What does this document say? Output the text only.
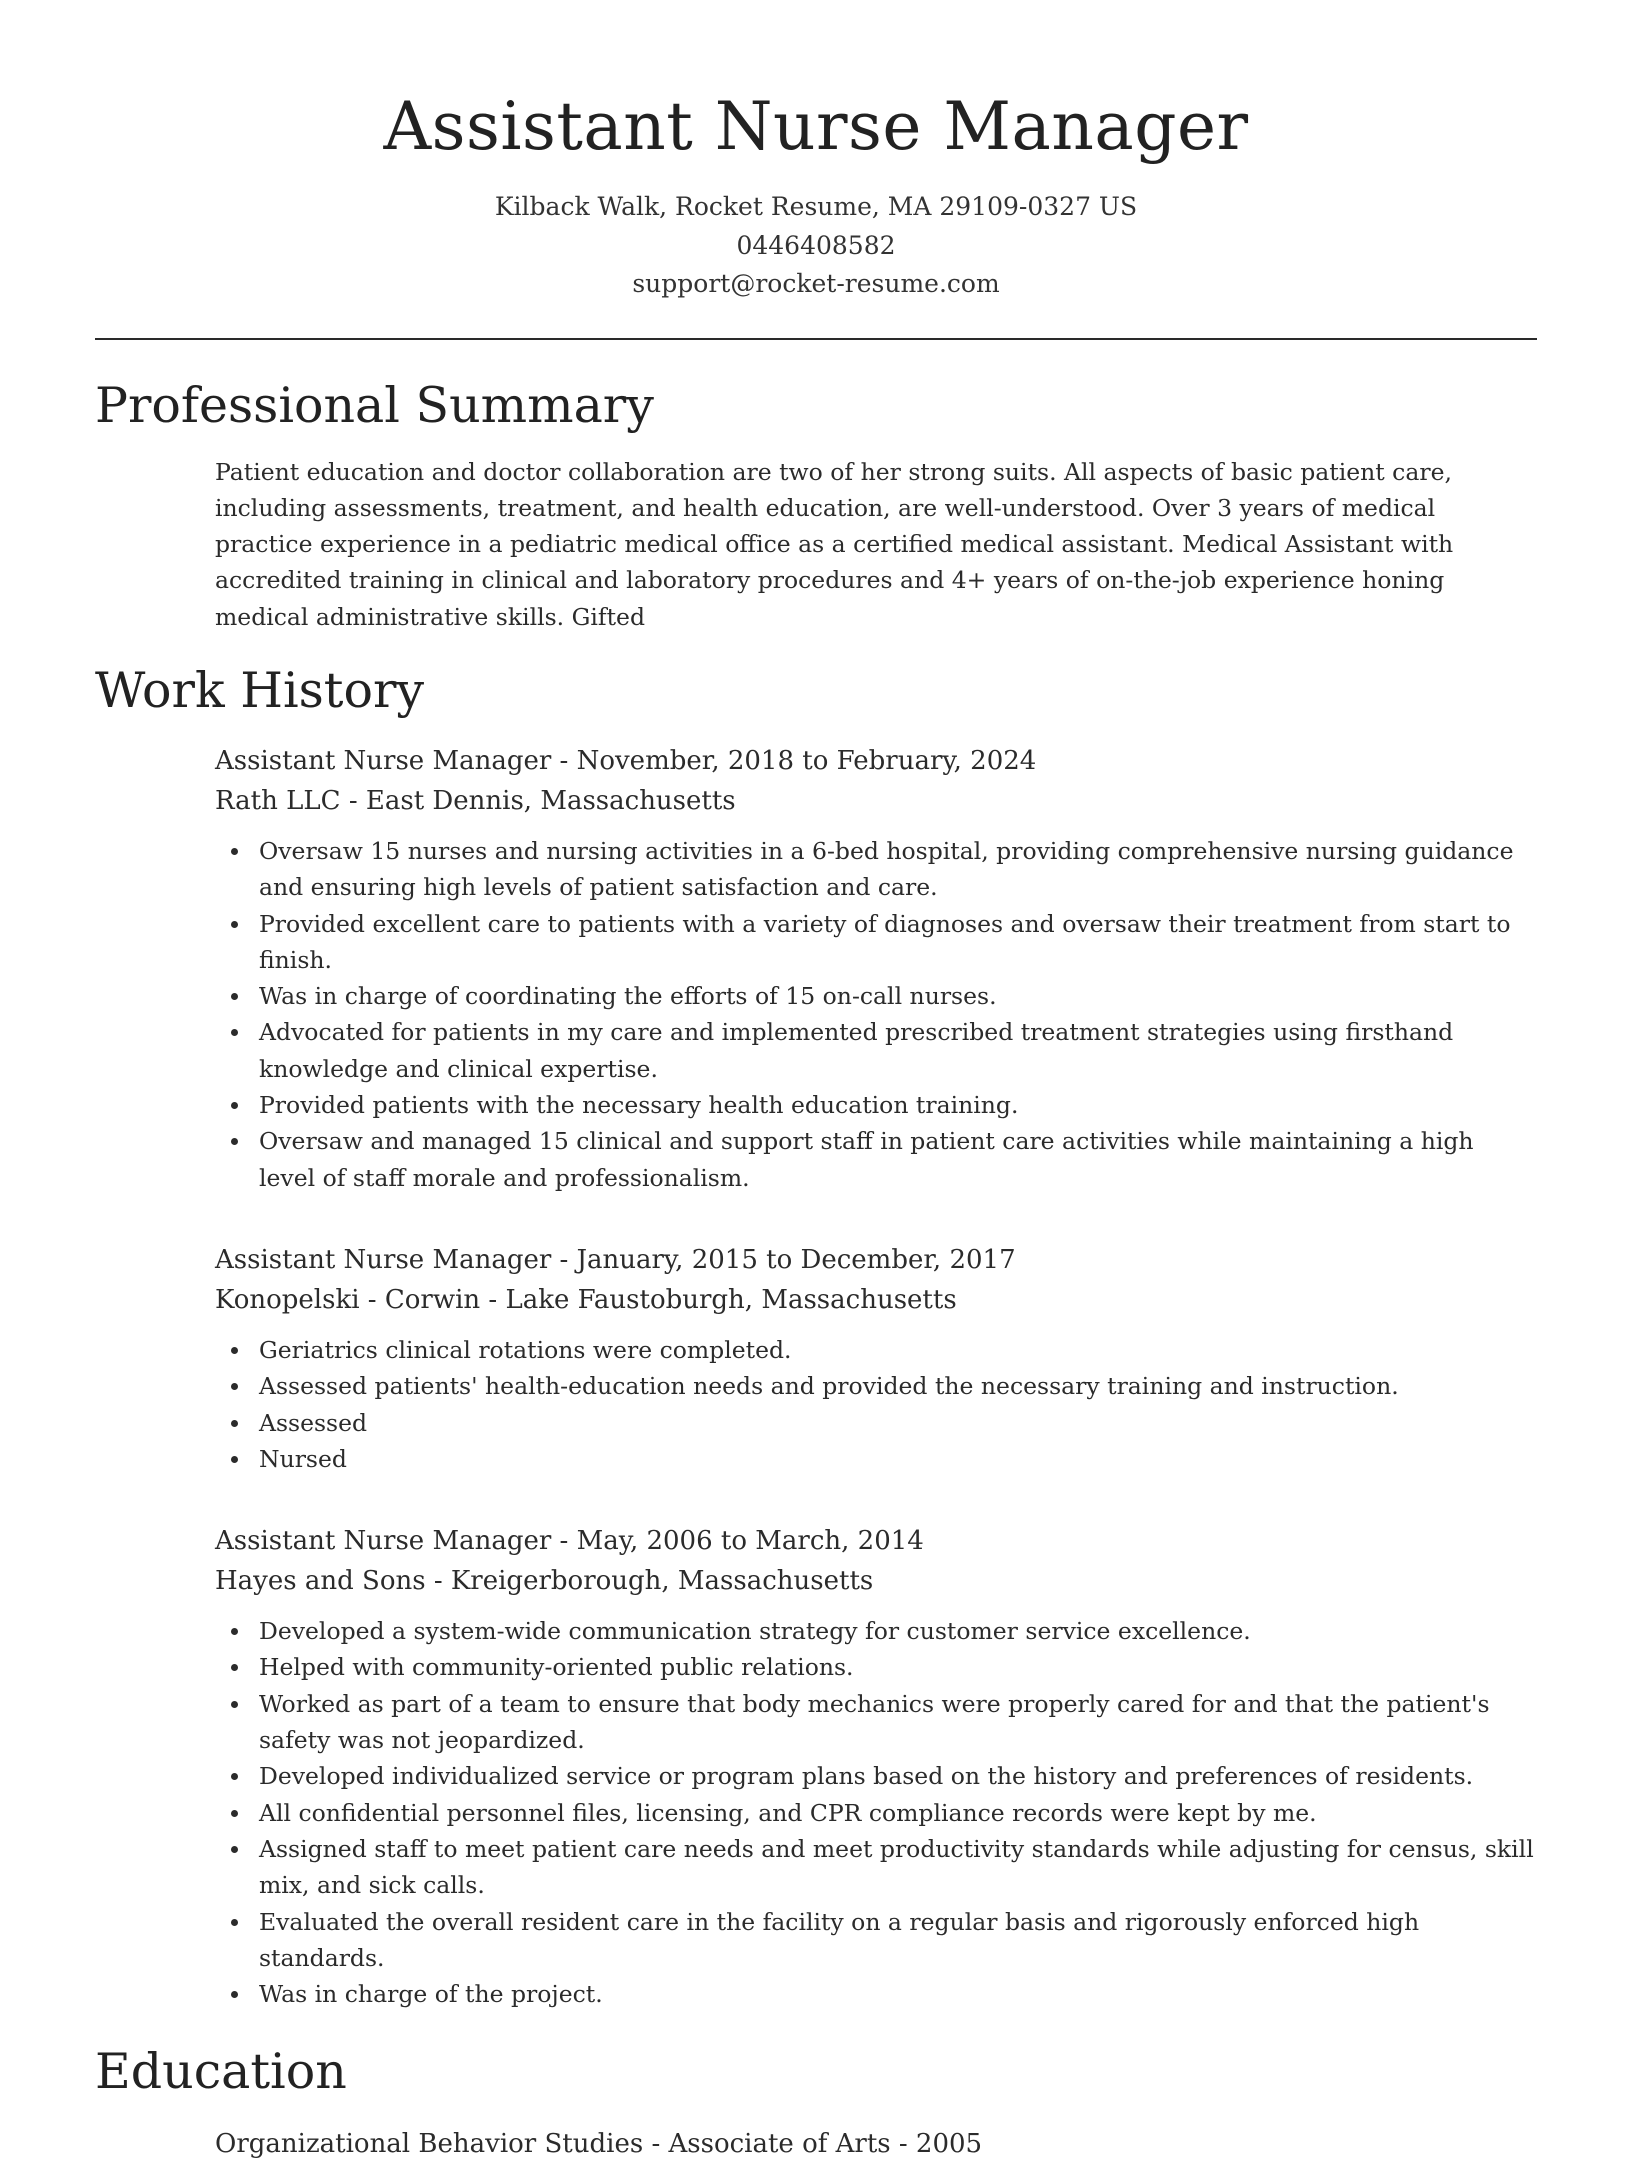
Assistant Nurse Manager
Kilback Walk, Rocket Resume, MA 29109-0327 US
0446408582
support@rocket-resume.com
Professional Summary

Patient education and doctor collaboration are two of her strong suits. All aspects of basic patient care, including assessments, treatment, and health education, are well-understood. Over 3 years of medical practice experience in a pediatric medical office as a certified medical assistant. Medical Assistant with accredited training in clinical and laboratory procedures and 4+ years of on-the-job experience honing medical administrative skills. Gifted

Work History
Assistant Nurse Manager - November, 2018 to February, 2024
Rath LLC - East Dennis, Massachusetts
Oversaw 15 nurses and nursing activities in a 6-bed hospital, providing comprehensive nursing guidance and ensuring high levels of patient satisfaction and care.
Provided excellent care to patients with a variety of diagnoses and oversaw their treatment from start to finish.
Was in charge of coordinating the efforts of 15 on-call nurses.
Advocated for patients in my care and implemented prescribed treatment strategies using firsthand knowledge and clinical expertise.
Provided patients with the necessary health education training.
Oversaw and managed 15 clinical and support staff in patient care activities while maintaining a high level of staff morale and professionalism.
Assistant Nurse Manager - January, 2015 to December, 2017
Konopelski - Corwin - Lake Faustoburgh, Massachusetts
Geriatrics clinical rotations were completed.
Assessed patients' health-education needs and provided the necessary training and instruction.
Assessed
Nursed
Assistant Nurse Manager - May, 2006 to March, 2014
Hayes and Sons - Kreigerborough, Massachusetts
Developed a system-wide communication strategy for customer service excellence.
Helped with community-oriented public relations.
Worked as part of a team to ensure that body mechanics were properly cared for and that the patient's safety was not jeopardized.
Developed individualized service or program plans based on the history and preferences of residents.
All confidential personnel files, licensing, and CPR compliance records were kept by me.
Assigned staff to meet patient care needs and meet productivity standards while adjusting for census, skill mix, and sick calls.
Evaluated the overall resident care in the facility on a regular basis and rigorously enforced high standards.
Was in charge of the project.
Education
Organizational Behavior Studies - Associate of Arts - 2005
